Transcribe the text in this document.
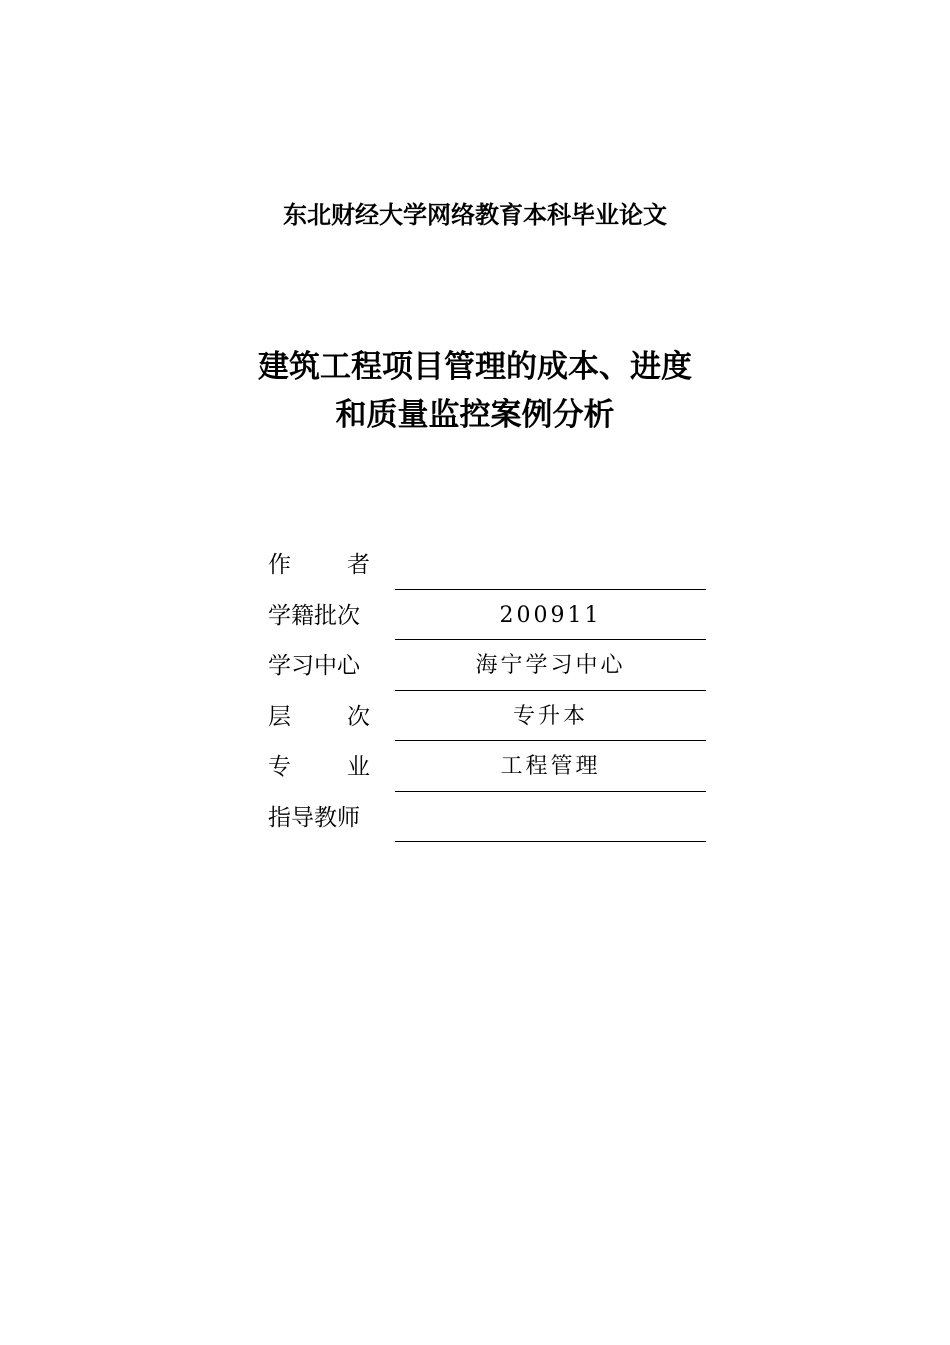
东北财经大学网络教育本科毕业论文
建筑工程项目管理的成本、进度
和质量监控案例分析
作 者
学籍批次	200911
学习中心	海宁学习中心
层 次	专升本
专 业	工程管理
指导教师
